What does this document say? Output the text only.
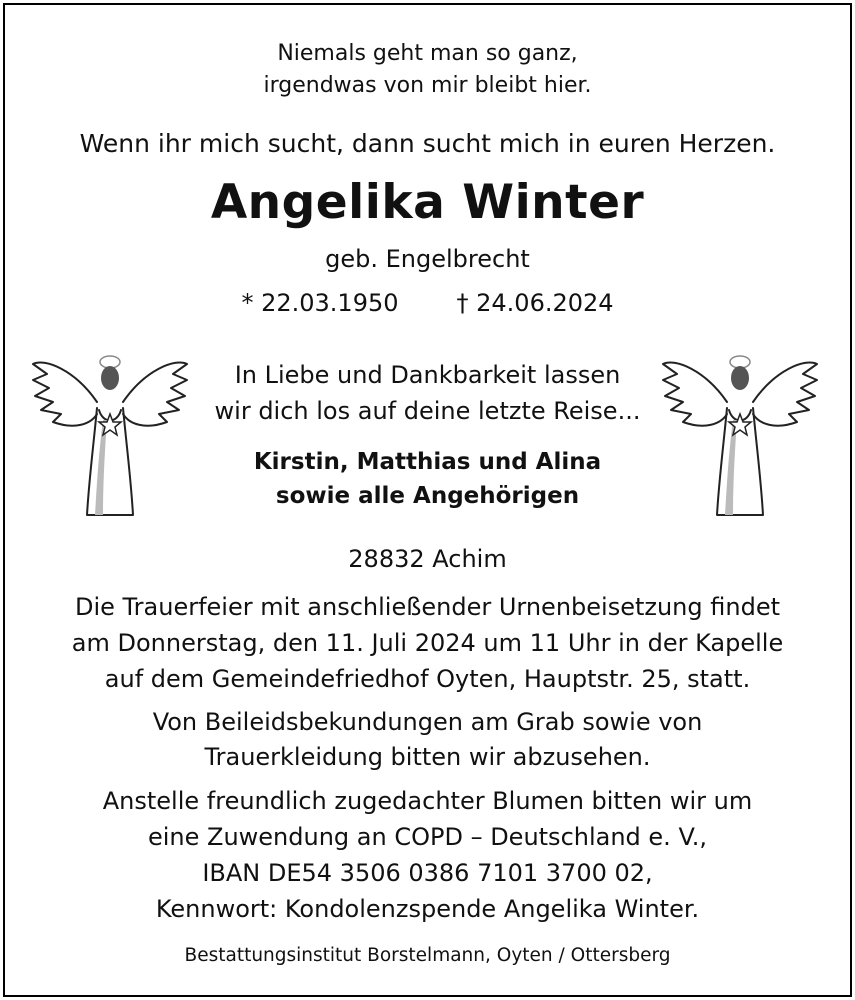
Niemals geht man so ganz,
irgendwas von mir bleibt hier.
Wenn ihr mich sucht, dann sucht mich in euren Herzen.
Angelika Winter
geb. Engelbrecht
* 22.03.1950 † 24.06.2024
In Liebe und Dankbarkeit lassen
wir dich los auf deine letzte Reise...
Kirstin, Matthias und Alina
sowie alle Angehörigen
28832 Achim
Die Trauerfeier mit anschließender Urnenbeisetzung findet
am Donnerstag, den 11. Juli 2024 um 11 Uhr in der Kapelle
auf dem Gemeindefriedhof Oyten, Hauptstr. 25, statt.
Von Beileidsbekundungen am Grab sowie von
Trauerkleidung bitten wir abzusehen.
Anstelle freundlich zugedachter Blumen bitten wir um
eine Zuwendung an COPD – Deutschland e. V.,
IBAN DE54 3506 0386 7101 3700 02,
Kennwort: Kondolenzspende Angelika Winter.
Bestattungsinstitut Borstelmann, Oyten / Ottersberg
